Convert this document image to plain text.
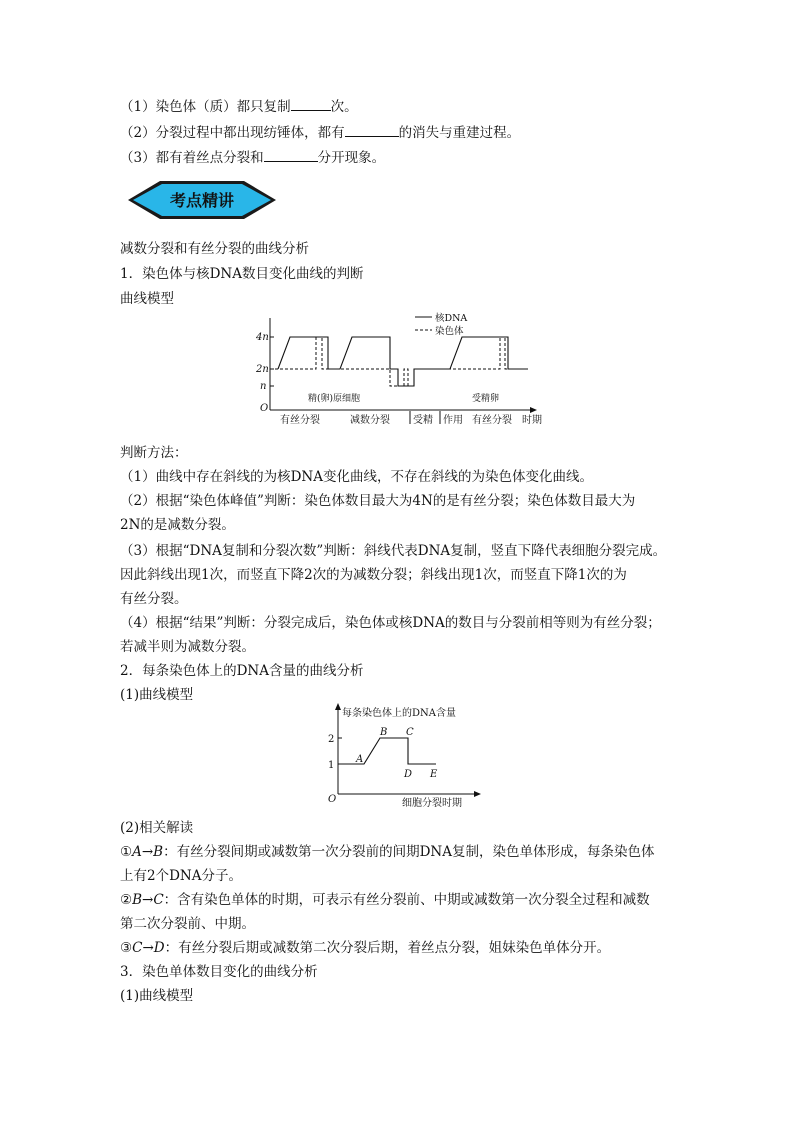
（1）染色体（质）都只复制	次。
（2）分裂过程中都出现纺锤体，都有	的消失与重建过程。
（3）都有着丝点分裂和	分开现象。
考点精讲
减数分裂和有丝分裂的曲线分析
1．染色体与核DNA数目变化曲线的判断
曲线模型
4n
2n
n
O
核DNA
染色体
精(卵)原细胞	受精卵
有丝分裂	减数分裂 受精 作用 有丝分裂 时期
判断方法：
（1）曲线中存在斜线的为核DNA变化曲线，不存在斜线的为染色体变化曲线。
（2）根据“染色体峰值”判断：染色体数目最大为4N的是有丝分裂；染色体数目最大为
2N的是减数分裂。
（3）根据“DNA复制和分裂次数”判断：斜线代表DNA复制，竖直下降代表细胞分裂完成。
因此斜线出现1次，而竖直下降2次的为减数分裂；斜线出现1次，而竖直下降1次的为
有丝分裂。
（4）根据“结果”判断：分裂完成后，染色体或核DNA的数目与分裂前相等则为有丝分裂；
若减半则为减数分裂。
2．每条染色体上的DNA含量的曲线分析
(1)曲线模型
每条染色体上的DNA含量
2
1
O
A
B C
D E
细胞分裂时期
(2)相关解读
①A→B：有丝分裂间期或减数第一次分裂前的间期DNA复制，染色单体形成，每条染色体
上有2个DNA分子。
②B→C：含有染色单体的时期，可表示有丝分裂前、中期或减数第一次分裂全过程和减数
第二次分裂前、中期。
③C→D：有丝分裂后期或减数第二次分裂后期，着丝点分裂，姐妹染色单体分开。
3．染色单体数目变化的曲线分析
(1)曲线模型
